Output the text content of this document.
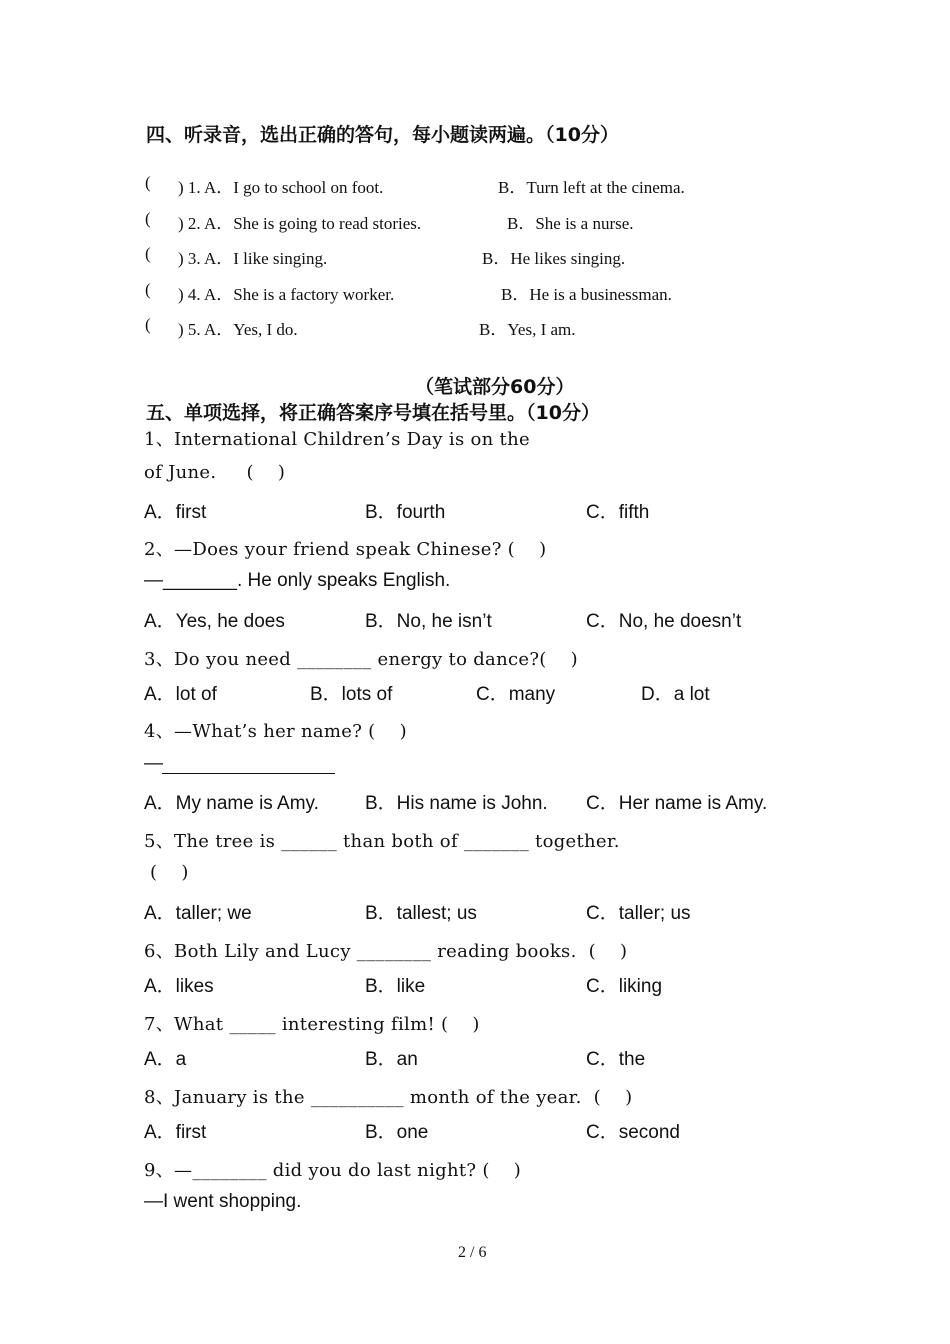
四、听录音，选出正确的答句，每小题读两遍。（10分）
( ) 1. A．I go to school on foot.	B．Turn left at the cinema.
( ) 2. A．She is going to read stories.	B．She is a nurse.
( ) 3. A．I like singing.	B．He likes singing.
( ) 4. A．She is a factory worker.	B．He is a businessman.
( ) 5. A．Yes, I do.	B．Yes, I am.
（笔试部分60分）
五、单项选择，将正确答案序号填在括号里。（10分）
1、International Children’s Day is on the
of June.     (    )
A．first	B．fourth	C．fifth
2、—Does your friend speak Chinese? (    )
—_______. He only speaks English.
A．Yes, he does	B．No, he isn’t	C．No, he doesn’t
3、Do you need ________ energy to dance?(    )
A．lot of	B．lots of	C．many	D．a lot
4、—What’s her name? (    )
—
A．My name is Amy. B．His name is John. C．Her name is Amy.
5、The tree is ______ than both of _______ together.
(    )
A．taller; we	B．tallest; us	C．taller; us
6、Both Lily and Lucy ________ reading books.  (    )
A．likes	B．like	C．liking
7、What _____ interesting film! (    )
A．a	B．an	C．the
8、January is the __________ month of the year.  (    )
A．first	B．one	C．second
9、—________ did you do last night? (    )
—I went shopping.
2 / 6
